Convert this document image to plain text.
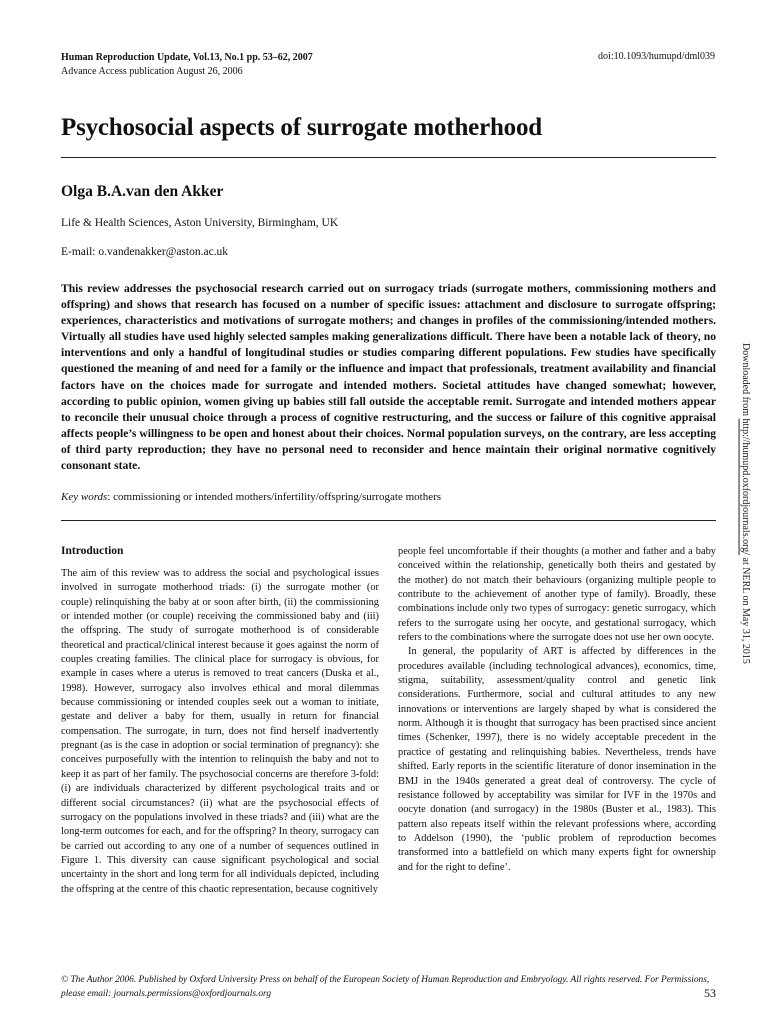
Human Reproduction Update, Vol.13, No.1 pp. 53–62, 2007
Advance Access publication August 26, 2006
doi:10.1093/humupd/dml039
Psychosocial aspects of surrogate motherhood
Olga B.A.van den Akker
Life & Health Sciences, Aston University, Birmingham, UK
E-mail: o.vandenakker@aston.ac.uk

This review addresses the psychosocial research carried out on surrogacy triads (surrogate mothers, commissioning mothers and offspring) and shows that research has focused on a number of specific issues: attachment and disclosure to surrogate offspring; experiences, characteristics and motivations of surrogate mothers; and changes in profiles of the commissioning/intended mothers. Virtually all studies have used highly selected samples making generalizations difficult. There have been a notable lack of theory, no interventions and only a handful of longitudinal studies or studies comparing different populations. Few studies have specifically questioned the meaning of and need for a family or the influence and impact that professionals, treatment availability and financial factors have on the choices made for surrogate and intended mothers. Societal attitudes have changed somewhat; however, according to public opinion, women giving up babies still fall outside the acceptable remit. Surrogate and intended mothers appear to reconcile their unusual choice through a process of cognitive restructuring, and the success or failure of this cognitive appraisal affects people’s willingness to be open and honest about their choices. Normal population surveys, on the contrary, are less accepting of third party reproduction; they have no personal need to reconsider and hence maintain their original normative cognitively consonant state.

Key words: commissioning or intended mothers/infertility/offspring/surrogate mothers
Introduction

The aim of this review was to address the social and psychological issues involved in surrogate motherhood triads: (i) the surrogate mother (or couple) relinquishing the baby at or soon after birth, (ii) the commissioning or intended mother (or couple) receiving the commissioned baby and (iii) the offspring. The study of surrogate motherhood is of considerable theoretical and practical/clinical interest because it goes against the norm of couples creating families. The clinical place for surrogacy is obvious, for example in cases where a uterus is removed to treat cancers (Duska et al., 1998). However, surrogacy also involves ethical and moral dilemmas because commissioning or intended couples seek out a woman to initiate, gestate and deliver a baby for them, usually in return for financial compensation. The surrogate, in turn, does not find herself inadvertently pregnant (as is the case in adoption or social termination of pregnancy): she conceives purposefully with the intention to relinquish the baby and not to keep it as part of her family. The psychosocial concerns are therefore 3-fold: (i) are individuals characterized by different psychological traits and or different social circumstances? (ii) what are the psychosocial effects of surrogacy on the populations involved in these triads? and (iii) what are the long-term outcomes for each, and for the offspring? In theory, surrogacy can be carried out according to any one of a number of sequences outlined in Figure 1. This diversity can cause significant psychological and social uncertainty in the short and long term for all individuals depicted, including the offspring at the centre of this chaotic representation, because cognitively

people feel uncomfortable if their thoughts (a mother and father and a baby conceived within the relationship, genetically both theirs and gestated by the mother) do not match their behaviours (organizing multiple people to contribute to the achievement of another type of family). Broadly, these combinations include only two types of surrogacy: genetic surrogacy, which refers to the surrogate using her oocyte, and gestational surrogacy, which refers to the combinations where the surrogate does not use her own oocyte.

In general, the popularity of ART is affected by differences in the procedures available (including technological advances), economics, time, stigma, suitability, assessment/quality control and genetic link considerations. Furthermore, social and cultural attitudes to any new innovations or interventions are largely shaped by what is considered the norm. Although it is thought that surrogacy has been practised since ancient times (Schenker, 1997), there is no widely acceptable precedent in the practice of gestating and relinquishing babies. Nevertheless, trends have shifted. Early reports in the scientific literature of donor insemination in the BMJ in the 1940s generated a great deal of controversy. The cycle of resistance followed by acceptability was similar for IVF in the 1970s and oocyte donation (and surrogacy) in the 1980s (Buster et al., 1983). This pattern also repeats itself within the relevant professions where, according to Addelson (1990), the ‘public problem of reproduction becomes transformed into a battlefield on which many experts fight for ownership and for the right to define’.

© The Author 2006. Published by Oxford University Press on behalf of the European Society of Human Reproduction and Embryology. All rights reserved. For Permissions, please email: journals.permissions@oxfordjournals.org	53
Downloaded from http://humupd.oxfordjournals.org/ at NERL on May 31, 2015
